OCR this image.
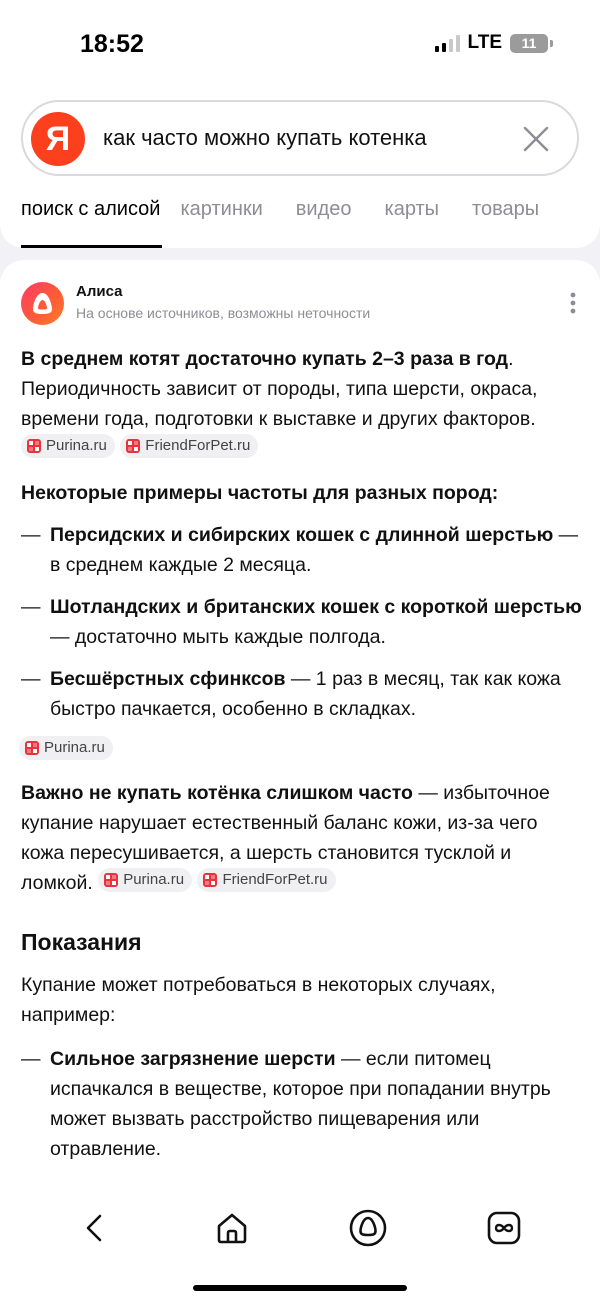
18:52	LTE 11
Я
как часто можно купать котенка
поиск с алисой картинки видео карты товары
Алиса
На основе источников, возможны неточности

В среднем котят достаточно купать 2–3 раза в год. Периодичность зависит от породы, типа шерсти, окраса, времени года, подготовки к выставке и других факторов.
Purina.ru
	FriendForPet.ru

Некоторые примеры частоты для разных пород:

— Персидских и сибирских кошек с длинной шерстью — в среднем каждые 2 месяца.
— Шотландских и британских кошек с короткой шерстью — достаточно мыть каждые полгода.
— Бесшёрстных сфинксов — 1 раз в месяц, так как кожа быстро пачкается, особенно в складках.
Purina.ru

Важно не купать котёнка слишком часто — избыточное купание нарушает естественный баланс кожи, из-за чего кожа пересушивается, а шерсть становится тусклой и ломкой. Purina.ru
	FriendForPet.ru

Показания

Купание может потребоваться в некоторых случаях, например:

— Сильное загрязнение шерсти — если питомец испачкался в веществе, которое при попадании внутрь может вызвать расстройство пищеварения или отравление.
